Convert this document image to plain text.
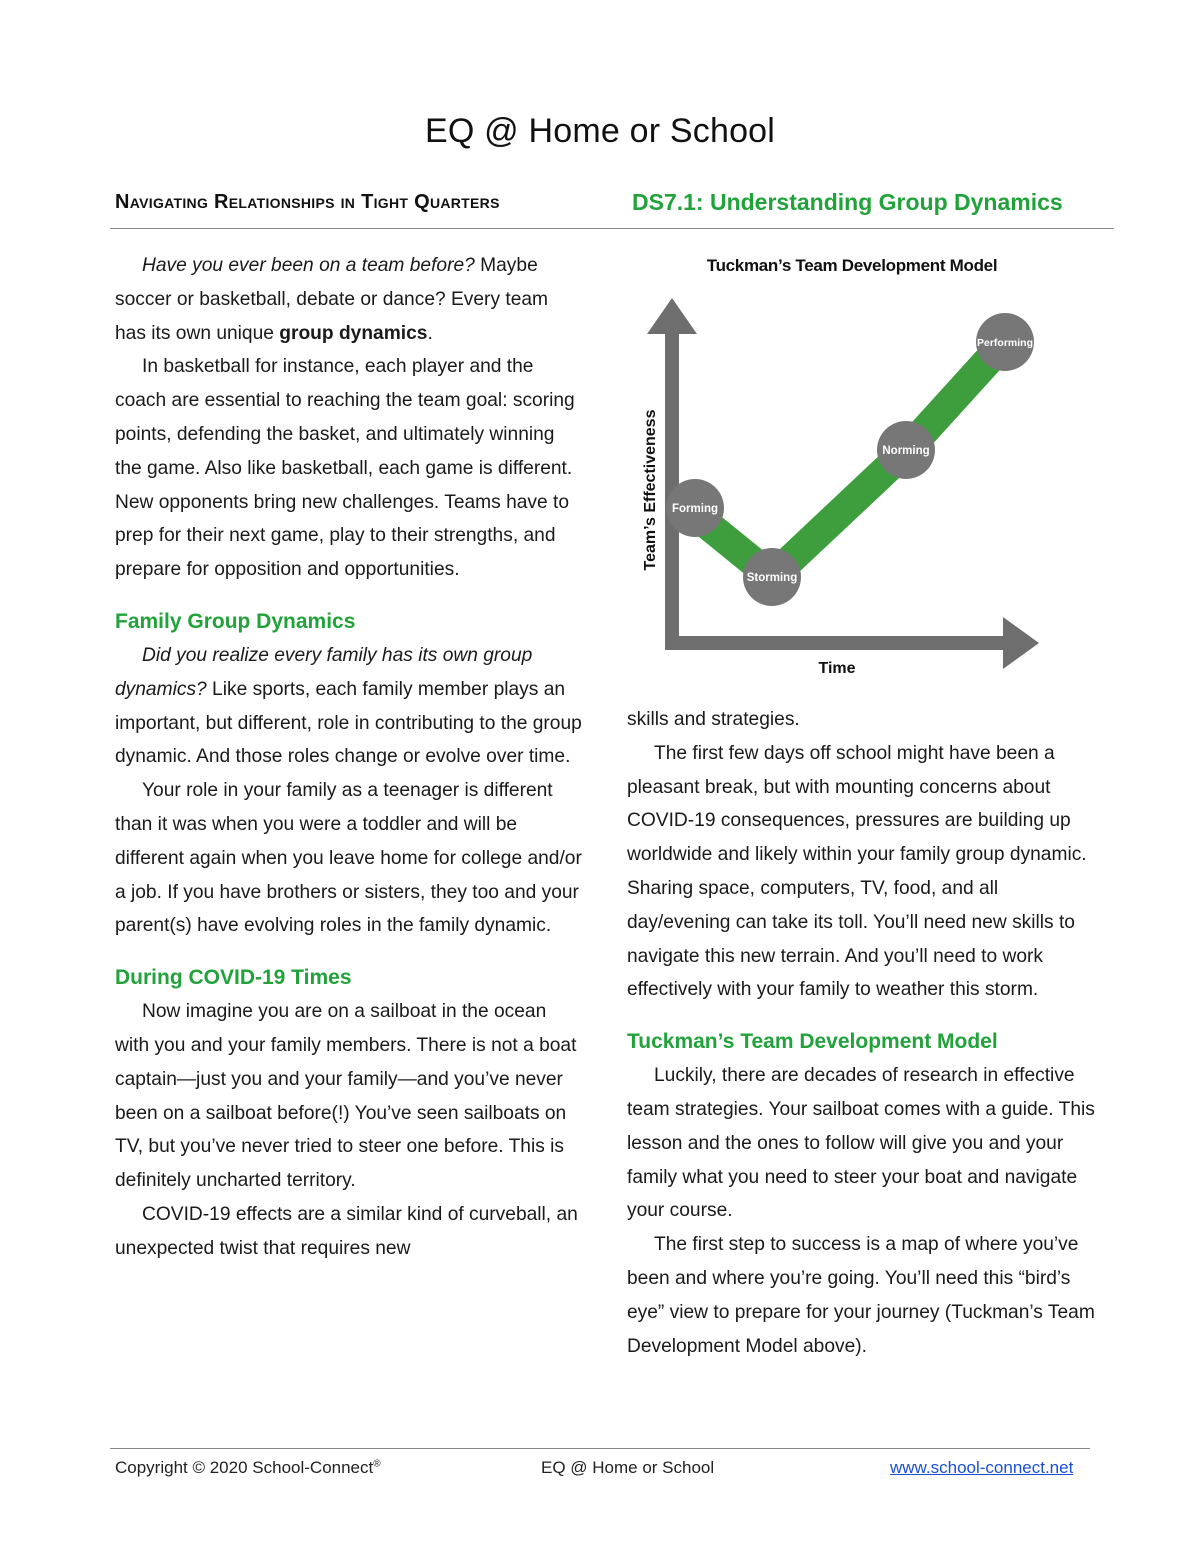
EQ @ Home or School
Navigating Relationships in Tight Quarters	DS7.1: Understanding Group Dynamics

Have you ever been on a team before? Maybe soccer or basketball, debate or dance? Every team has its own unique group dynamics.

In basketball for instance, each player and the coach are essential to reaching the team goal: scoring points, defending the basket, and ultimately winning the game. Also like basketball, each game is different. New opponents bring new challenges. Teams have to prep for their next game, play to their strengths, and prepare for opposition and opportunities.

Family Group Dynamics

Did you realize every family has its own group dynamics? Like sports, each family member plays an important, but different, role in contributing to the group dynamic. And those roles change or evolve over time.

Your role in your family as a teenager is different than it was when you were a toddler and will be different again when you leave home for college and/or a job. If you have brothers or sisters, they too and your parent(s) have evolving roles in the family dynamic.

During COVID-19 Times

Now imagine you are on a sailboat in the ocean with you and your family members. There is not a boat captain—just you and your family—and you’ve never been on a sailboat before(!) You’ve seen sailboats on TV, but you’ve never tried to steer one before. This is definitely uncharted territory.

COVID-19 effects are a similar kind of curveball, an unexpected twist that requires new

Tuckman’s Team Development Model
Forming
Storming
Norming
Performing
Team’s Effectiveness
Time

skills and strategies.

The first few days off school might have been a pleasant break, but with mounting concerns about COVID-19 consequences, pressures are building up worldwide and likely within your family group dynamic. Sharing space, computers, TV, food, and all day/evening can take its toll. You’ll need new skills to navigate this new terrain. And you’ll need to work effectively with your family to weather this storm.

Tuckman’s Team Development Model

Luckily, there are decades of research in effective team strategies. Your sailboat comes with a guide. This lesson and the ones to follow will give you and your family what you need to steer your boat and navigate your course.

The first step to success is a map of where you’ve been and where you’re going. You’ll need this “bird’s eye” view to prepare for your journey (Tuckman’s Team Development Model above).

Copyright © 2020 School-Connect®	EQ @ Home or School	www.school-connect.net
